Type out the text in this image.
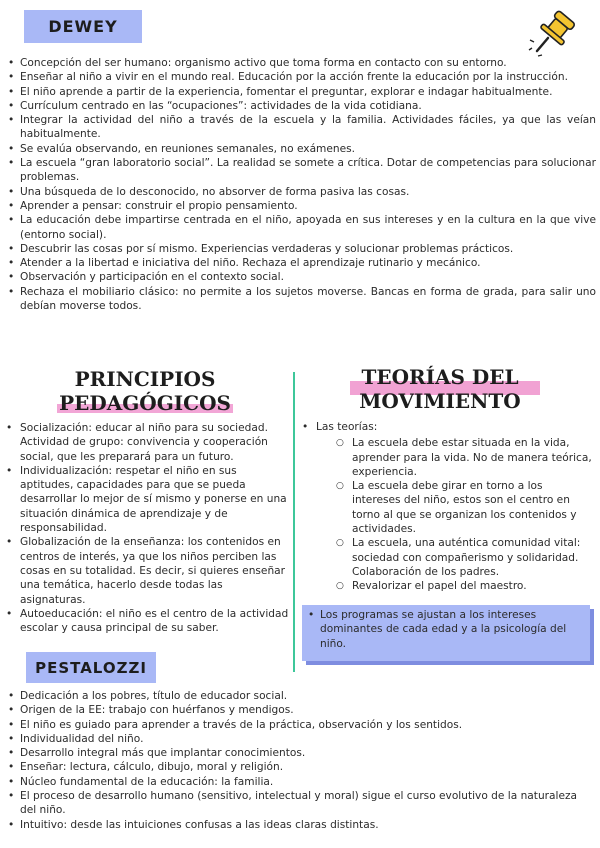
DEWEY
• Concepción del ser humano: organismo activo que toma forma en contacto con su entorno.
• Enseñar al niño a vivir en el mundo real. Educación por la acción frente la educación por la instrucción.
• El niño aprende a partir de la experiencia, fomentar el preguntar, explorar e indagar habitualmente.
• Currículum centrado en las “ocupaciones”: actividades de la vida cotidiana.
• Integrar la actividad del niño a través de la escuela y la familia. Actividades fáciles, ya que las veían habitualmente.
• Se evalúa observando, en reuniones semanales, no exámenes.
• La escuela “gran laboratorio social”. La realidad se somete a crítica. Dotar de competencias para solucionar problemas.
• Una búsqueda de lo desconocido, no absorver de forma pasiva las cosas.
• Aprender a pensar: construir el propio pensamiento.
• La educación debe impartirse centrada en el niño, apoyada en sus intereses y en la cultura en la que vive (entorno social).
• Descubrir las cosas por sí mismo. Experiencias verdaderas y solucionar problemas prácticos.
• Atender a la libertad e iniciativa del niño. Rechaza el aprendizaje rutinario y mecánico.
• Observación y participación en el contexto social.
• Rechaza el mobiliario clásico: no permite a los sujetos moverse. Bancas en forma de grada, para salir uno debían moverse todos.
PRINCIPIOS
PEDAGÓGICOS
TEORÍAS DEL
MOVIMIENTO
• Socialización: educar al niño para su sociedad. Actividad de grupo: convivencia y cooperación social, que les preparará para un futuro.
• Individualización: respetar el niño en sus aptitudes, capacidades para que se pueda desarrollar lo mejor de sí mismo y ponerse en una situación dinámica de aprendizaje y de responsabilidad.
• Globalización de la enseñanza: los contenidos en centros de interés, ya que los niños perciben las cosas en su totalidad. Es decir, si quieres enseñar una temática, hacerlo desde todas las asignaturas.
• Autoeducación: el niño es el centro de la actividad escolar y causa principal de su saber.
• Las teorías:
○ La escuela debe estar situada en la vida, aprender para la vida. No de manera teórica, experiencia.
○ La escuela debe girar en torno a los intereses del niño, estos son el centro en torno al que se organizan los contenidos y actividades.
○ La escuela, una auténtica comunidad vital: sociedad con compañerismo y solidaridad. Colaboración de los padres.
○ Revalorizar el papel del maestro.
• Los programas se ajustan a los intereses dominantes de cada edad y a la psicología del niño.
PESTALOZZI
• Dedicación a los pobres, título de educador social.
• Origen de la EE: trabajo con huérfanos y mendigos.
• El niño es guiado para aprender a través de la práctica, observación y los sentidos.
• Individualidad del niño.
• Desarrollo integral más que implantar conocimientos.
• Enseñar: lectura, cálculo, dibujo, moral y religión.
• Núcleo fundamental de la educación: la familia.
• El proceso de desarrollo humano (sensitivo, intelectual y moral) sigue el curso evolutivo de la naturaleza del niño.
• Intuitivo: desde las intuiciones confusas a las ideas claras distintas.
